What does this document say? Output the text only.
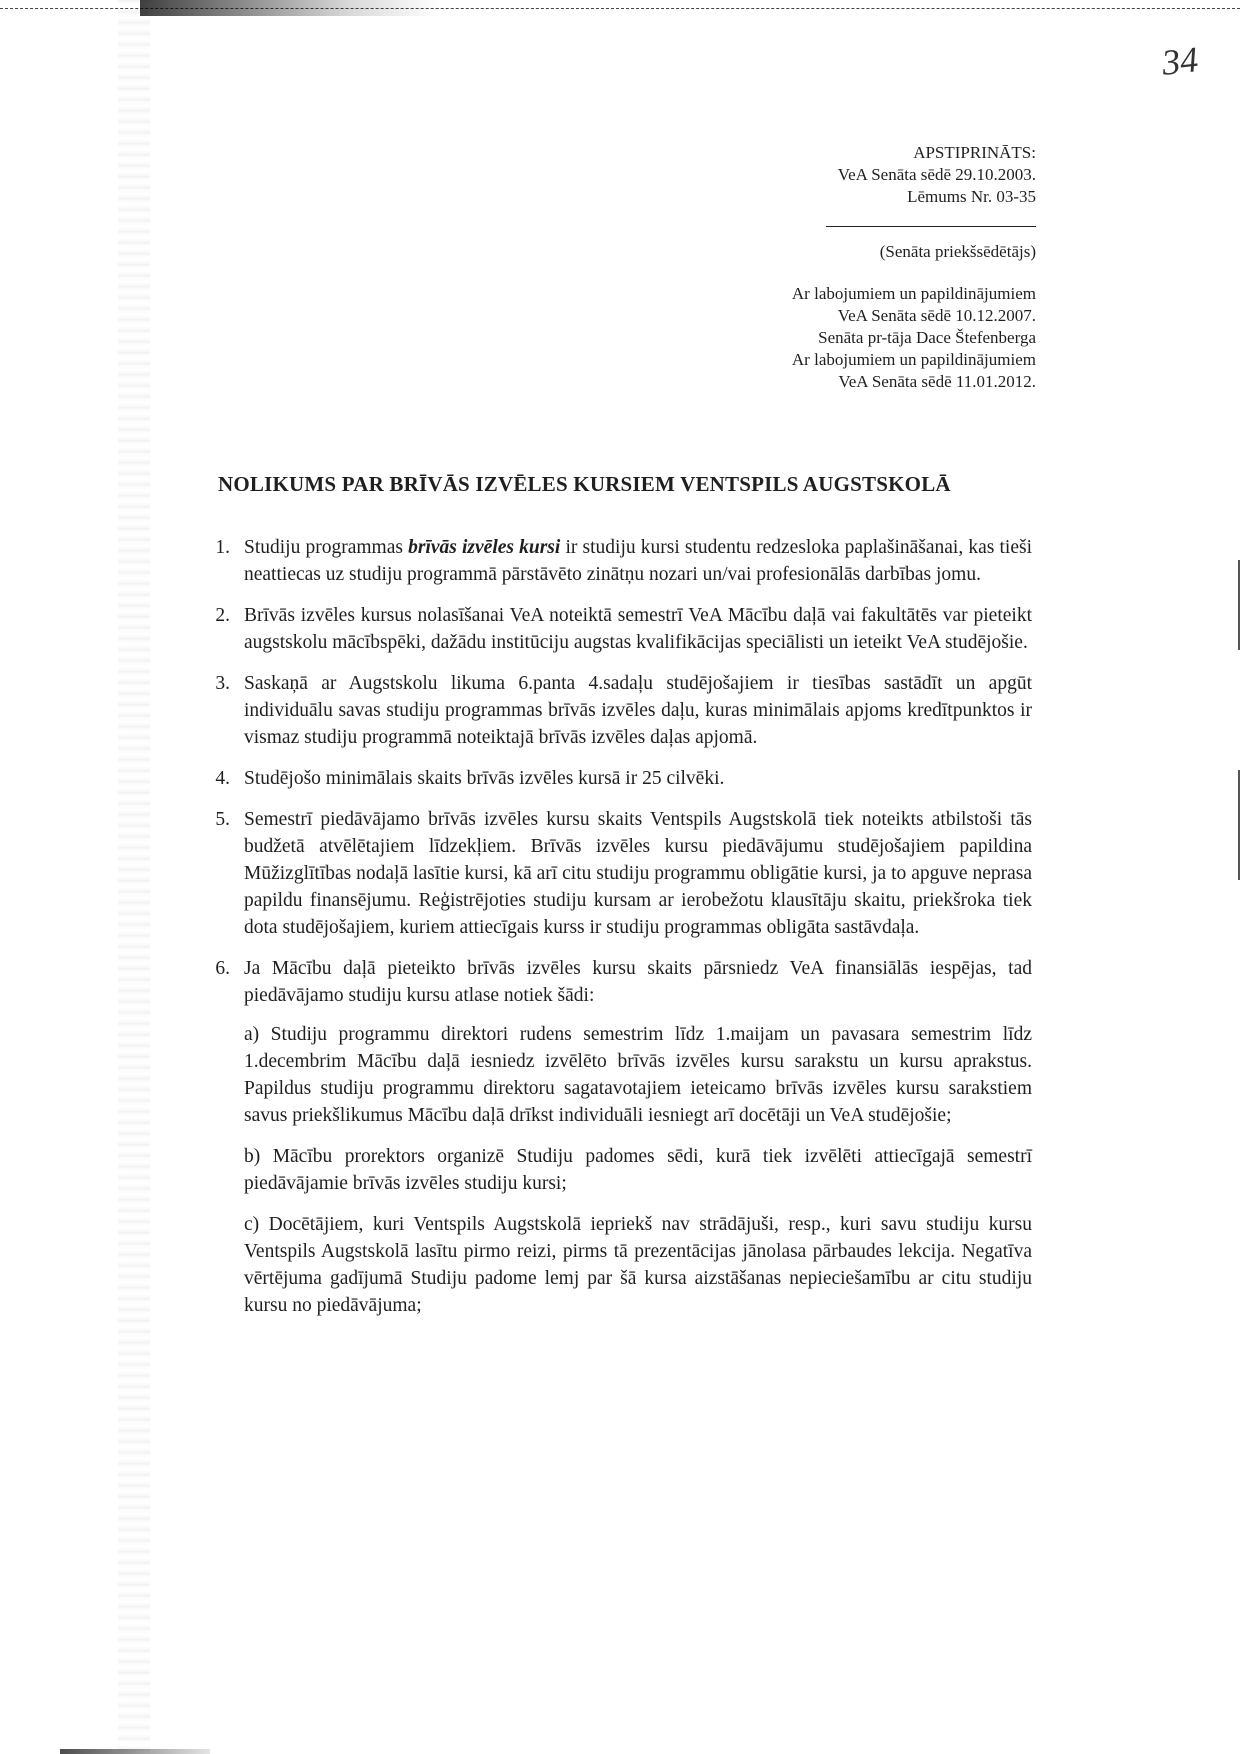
34
APSTIPRINĀTS:
VeA Senāta sēdē 29.10.2003.
Lēmums Nr. 03-35
(Senāta priekšsēdētājs)
Ar labojumiem un papildinājumiem
VeA Senāta sēdē 10.12.2007.
Senāta pr-tāja Dace Štefenberga
Ar labojumiem un papildinājumiem
VeA Senāta sēdē 11.01.2012.
NOLIKUMS PAR BRĪVĀS IZVĒLES KURSIEM VENTSPILS AUGSTSKOLĀ
1. Studiju programmas brīvās izvēles kursi ir studiju kursi studentu redzesloka paplašināšanai, kas tieši neattiecas uz studiju programmā pārstāvēto zinātņu nozari un/vai profesionālās darbības jomu.
2. Brīvās izvēles kursus nolasīšanai VeA noteiktā semestrī VeA Mācību daļā vai fakultātēs var pieteikt augstskolu mācībspēki, dažādu institūciju augstas kvalifikācijas speciālisti un ieteikt VeA studējošie.
3. Saskaņā ar Augstskolu likuma 6.panta 4.sadaļu studējošajiem ir tiesības sastādīt un apgūt individuālu savas studiju programmas brīvās izvēles daļu, kuras minimālais apjoms kredītpunktos ir vismaz studiju programmā noteiktajā brīvās izvēles daļas apjomā.
4. Studējošo minimālais skaits brīvās izvēles kursā ir 25 cilvēki.
5. Semestrī piedāvājamo brīvās izvēles kursu skaits Ventspils Augstskolā tiek noteikts atbilstoši tās budžetā atvēlētajiem līdzekļiem. Brīvās izvēles kursu piedāvājumu studējošajiem papildina Mūžizglītības nodaļā lasītie kursi, kā arī citu studiju programmu obligātie kursi, ja to apguve neprasa papildu finansējumu. Reģistrējoties studiju kursam ar ierobežotu klausītāju skaitu, priekšroka tiek dota studējošajiem, kuriem attiecīgais kurss ir studiju programmas obligāta sastāvdaļa.
6. Ja Mācību daļā pieteikto brīvās izvēles kursu skaits pārsniedz VeA finansiālās iespējas, tad piedāvājamo studiju kursu atlase notiek šādi:
a) Studiju programmu direktori rudens semestrim līdz 1.maijam un pavasara semestrim līdz 1.decembrim Mācību daļā iesniedz izvēlēto brīvās izvēles kursu sarakstu un kursu aprakstus. Papildus studiju programmu direktoru sagatavotajiem ieteicamo brīvās izvēles kursu sarakstiem savus priekšlikumus Mācību daļā drīkst individuāli iesniegt arī docētāji un VeA studējošie;
b) Mācību prorektors organizē Studiju padomes sēdi, kurā tiek izvēlēti attiecīgajā semestrī piedāvājamie brīvās izvēles studiju kursi;
c) Docētājiem, kuri Ventspils Augstskolā iepriekš nav strādājuši, resp., kuri savu studiju kursu Ventspils Augstskolā lasītu pirmo reizi, pirms tā prezentācijas jānolasa pārbaudes lekcija. Negatīva vērtējuma gadījumā Studiju padome lemj par šā kursa aizstāšanas nepieciešamību ar citu studiju kursu no piedāvājuma;
